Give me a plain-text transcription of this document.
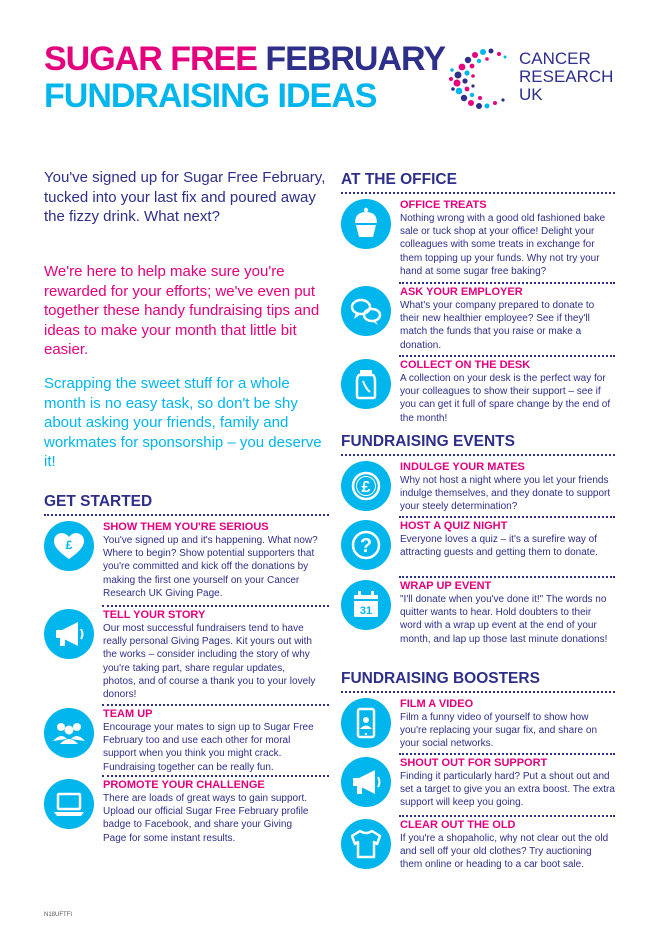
SUGAR FREE FEBRUARY
FUNDRAISING IDEAS
CANCER
RESEARCH
UK
You've signed up for Sugar Free February, tucked into your last fix and poured away the fizzy drink. What next?
We're here to help make sure you're rewarded for your efforts; we've even put together these handy fundraising tips and ideas to make your month that little bit easier.
Scrapping the sweet stuff for a whole month is no easy task, so don't be shy about asking your friends, family and workmates for sponsorship – you deserve it!
GET STARTED
£
SHOW THEM YOU'RE SERIOUS
You've signed up and it's happening. What now? Where to begin? Show potential supporters that you're committed and kick off the donations by making the first one yourself on your Cancer Research UK Giving Page.
TELL YOUR STORY
Our most successful fundraisers tend to have really personal Giving Pages. Kit yours out with the works – consider including the story of why you're taking part, share regular updates, photos, and of course a thank you to your lovely donors!
TEAM UP
Encourage your mates to sign up to Sugar Free February too and use each other for moral support when you think you might crack. Fundraising together can be really fun.
PROMOTE YOUR CHALLENGE
There are loads of great ways to gain support. Upload our official Sugar Free February profile badge to Facebook, and share your Giving Page for some instant results.
AT THE OFFICE
OFFICE TREATS
Nothing wrong with a good old fashioned bake sale or tuck shop at your office! Delight your colleagues with some treats in exchange for them topping up your funds. Why not try your hand at some sugar free baking?
ASK YOUR EMPLOYER
What's your company prepared to donate to their new healthier employee? See if they'll match the funds that you raise or make a donation.
COLLECT ON THE DESK
A collection on your desk is the perfect way for your colleagues to show their support – see if you can get it full of spare change by the end of the month!
FUNDRAISING EVENTS
£
INDULGE YOUR MATES
Why not host a night where you let your friends indulge themselves, and they donate to support your steely determination?
?
HOST A QUIZ NIGHT
Everyone loves a quiz – it's a surefire way of attracting guests and getting them to donate.
31
WRAP UP EVENT
"I'll donate when you've done it!" The words no quitter wants to hear. Hold doubters to their word with a wrap up event at the end of your month, and lap up those last minute donations!
FUNDRAISING BOOSTERS
FILM A VIDEO
Film a funny video of yourself to show how you're replacing your sugar fix, and share on your social networks.
SHOUT OUT FOR SUPPORT
Finding it particularly hard? Put a shout out and set a target to give you an extra boost. The extra support will keep you going.
CLEAR OUT THE OLD
If you're a shopaholic, why not clear out the old and sell off your old clothes? Try auctioning them online or heading to a car boot sale.
N18UFTFI
